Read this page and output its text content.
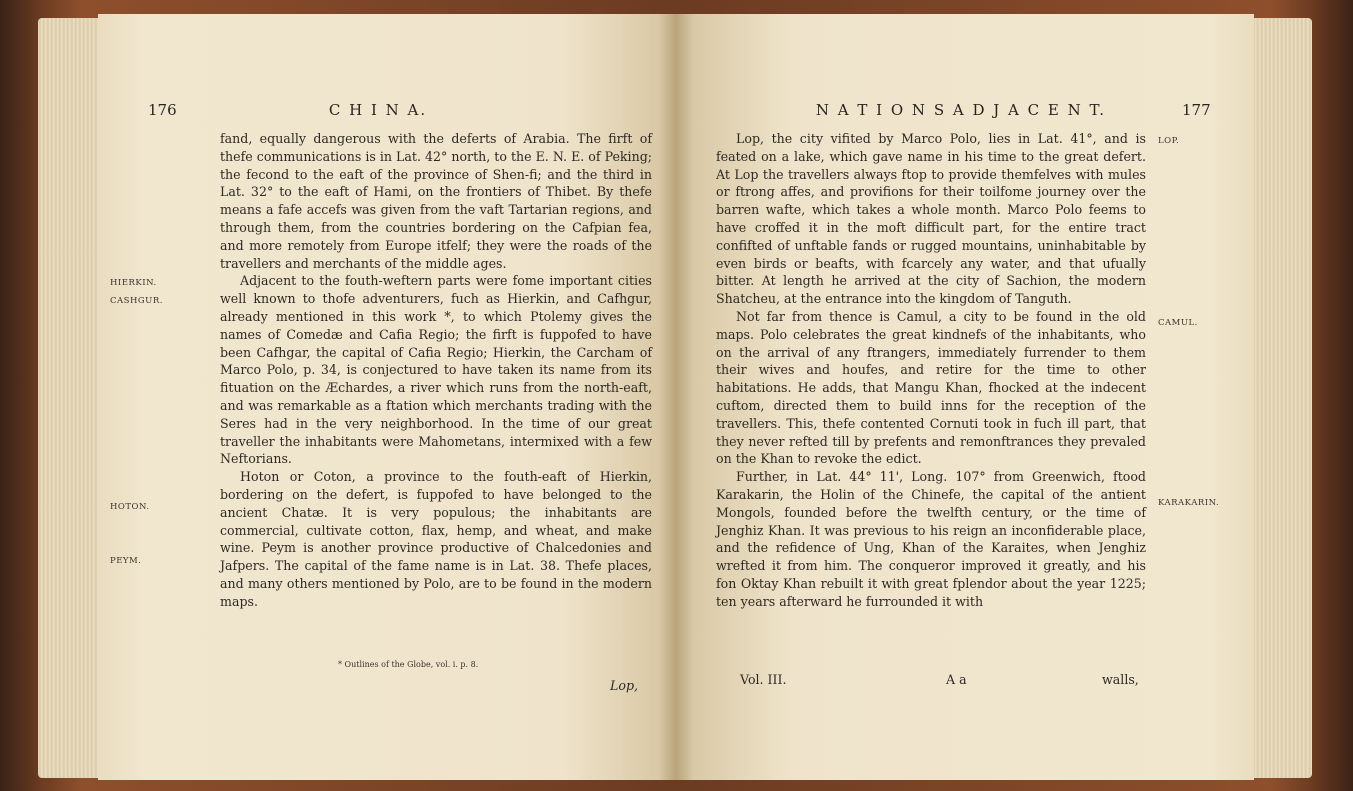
176	C H I N A.

fand, equally dangerous with the deferts of Arabia. The firft of thefe communications is in Lat. 42° north, to the E. N. E. of Peking; the fecond to the eaft of the province of Shen-fi; and the third in Lat. 32° to the eaft of Hami, on the frontiers of Thibet. By thefe means a fafe accefs was given from the vaft Tartarian regions, and through them, from the countries bordering on the Cafpian fea, and more remotely from Europe itfelf; they were the roads of the travellers and merchants of the middle ages.

Adjacent to the fouth-weftern parts were fome important cities well known to thofe adventurers, fuch as Hierkin, and Cafhgur, already mentioned in this work *, to which Ptolemy gives the names of Comedæ and Cafia Regio; the firft is fuppofed to have been Cafhgar, the capital of Cafia Regio; Hierkin, the Carcham of Marco Polo, p. 34, is conjectured to have taken its name from its fituation on the Æchardes, a river which runs from the north-eaft, and was remarkable as a ftation which merchants trading with the Seres had in the very neighborhood. In the time of our great traveller the inhabitants were Mahometans, intermixed with a few Neftorians.

Hoton or Coton, a province to the fouth-eaft of Hierkin, bordering on the defert, is fuppofed to have belonged to the ancient Chatæ. It is very populous; the inhabitants are commercial, cultivate cotton, flax, hemp, and wheat, and make wine. Peym is another province productive of Chalcedonies and Jafpers. The capital of the fame name is in Lat. 38. Thefe places, and many others mentioned by Polo, are to be found in the modern maps.

HIERKIN.
CASHGUR.
HOTON.
PEYM.
* Outlines of the Globe, vol. i. p. 8.
Lop,
N A T I O N S A D J A C E N T.	177

Lop, the city vifited by Marco Polo, lies in Lat. 41°, and is feated on a lake, which gave name in his time to the great defert. At Lop the travellers always ftop to provide themfelves with mules or ftrong affes, and provifions for their toilfome journey over the barren wafte, which takes a whole month. Marco Polo feems to have croffed it in the moft difficult part, for the entire tract confifted of unftable fands or rugged mountains, uninhabitable by even birds or beafts, with fcarcely any water, and that ufually bitter. At length he arrived at the city of Sachion, the modern Shatcheu, at the entrance into the kingdom of Tanguth.

Not far from thence is Camul, a city to be found in the old maps. Polo celebrates the great kindnefs of the inhabitants, who on the arrival of any ftrangers, immediately furrender to them their wives and houfes, and retire for the time to other habitations. He adds, that Mangu Khan, fhocked at the indecent cuftom, directed them to build inns for the reception of the travellers. This, thefe contented Cornuti took in fuch ill part, that they never refted till by prefents and remonftrances they prevaled on the Khan to revoke the edict.

Further, in Lat. 44° 11', Long. 107° from Greenwich, ftood Karakarin, the Holin of the Chinefe, the capital of the antient Mongols, founded before the twelfth century, or the time of Jenghiz Khan. It was previous to his reign an inconfiderable place, and the refidence of Ung, Khan of the Karaites, when Jenghiz wrefted it from him. The conqueror improved it greatly, and his fon Oktay Khan rebuilt it with great fplendor about the year 1225; ten years afterward he furrounded it with

LOP.
CAMUL.
KARAKARIN.
Vol. III.	A a	walls,
